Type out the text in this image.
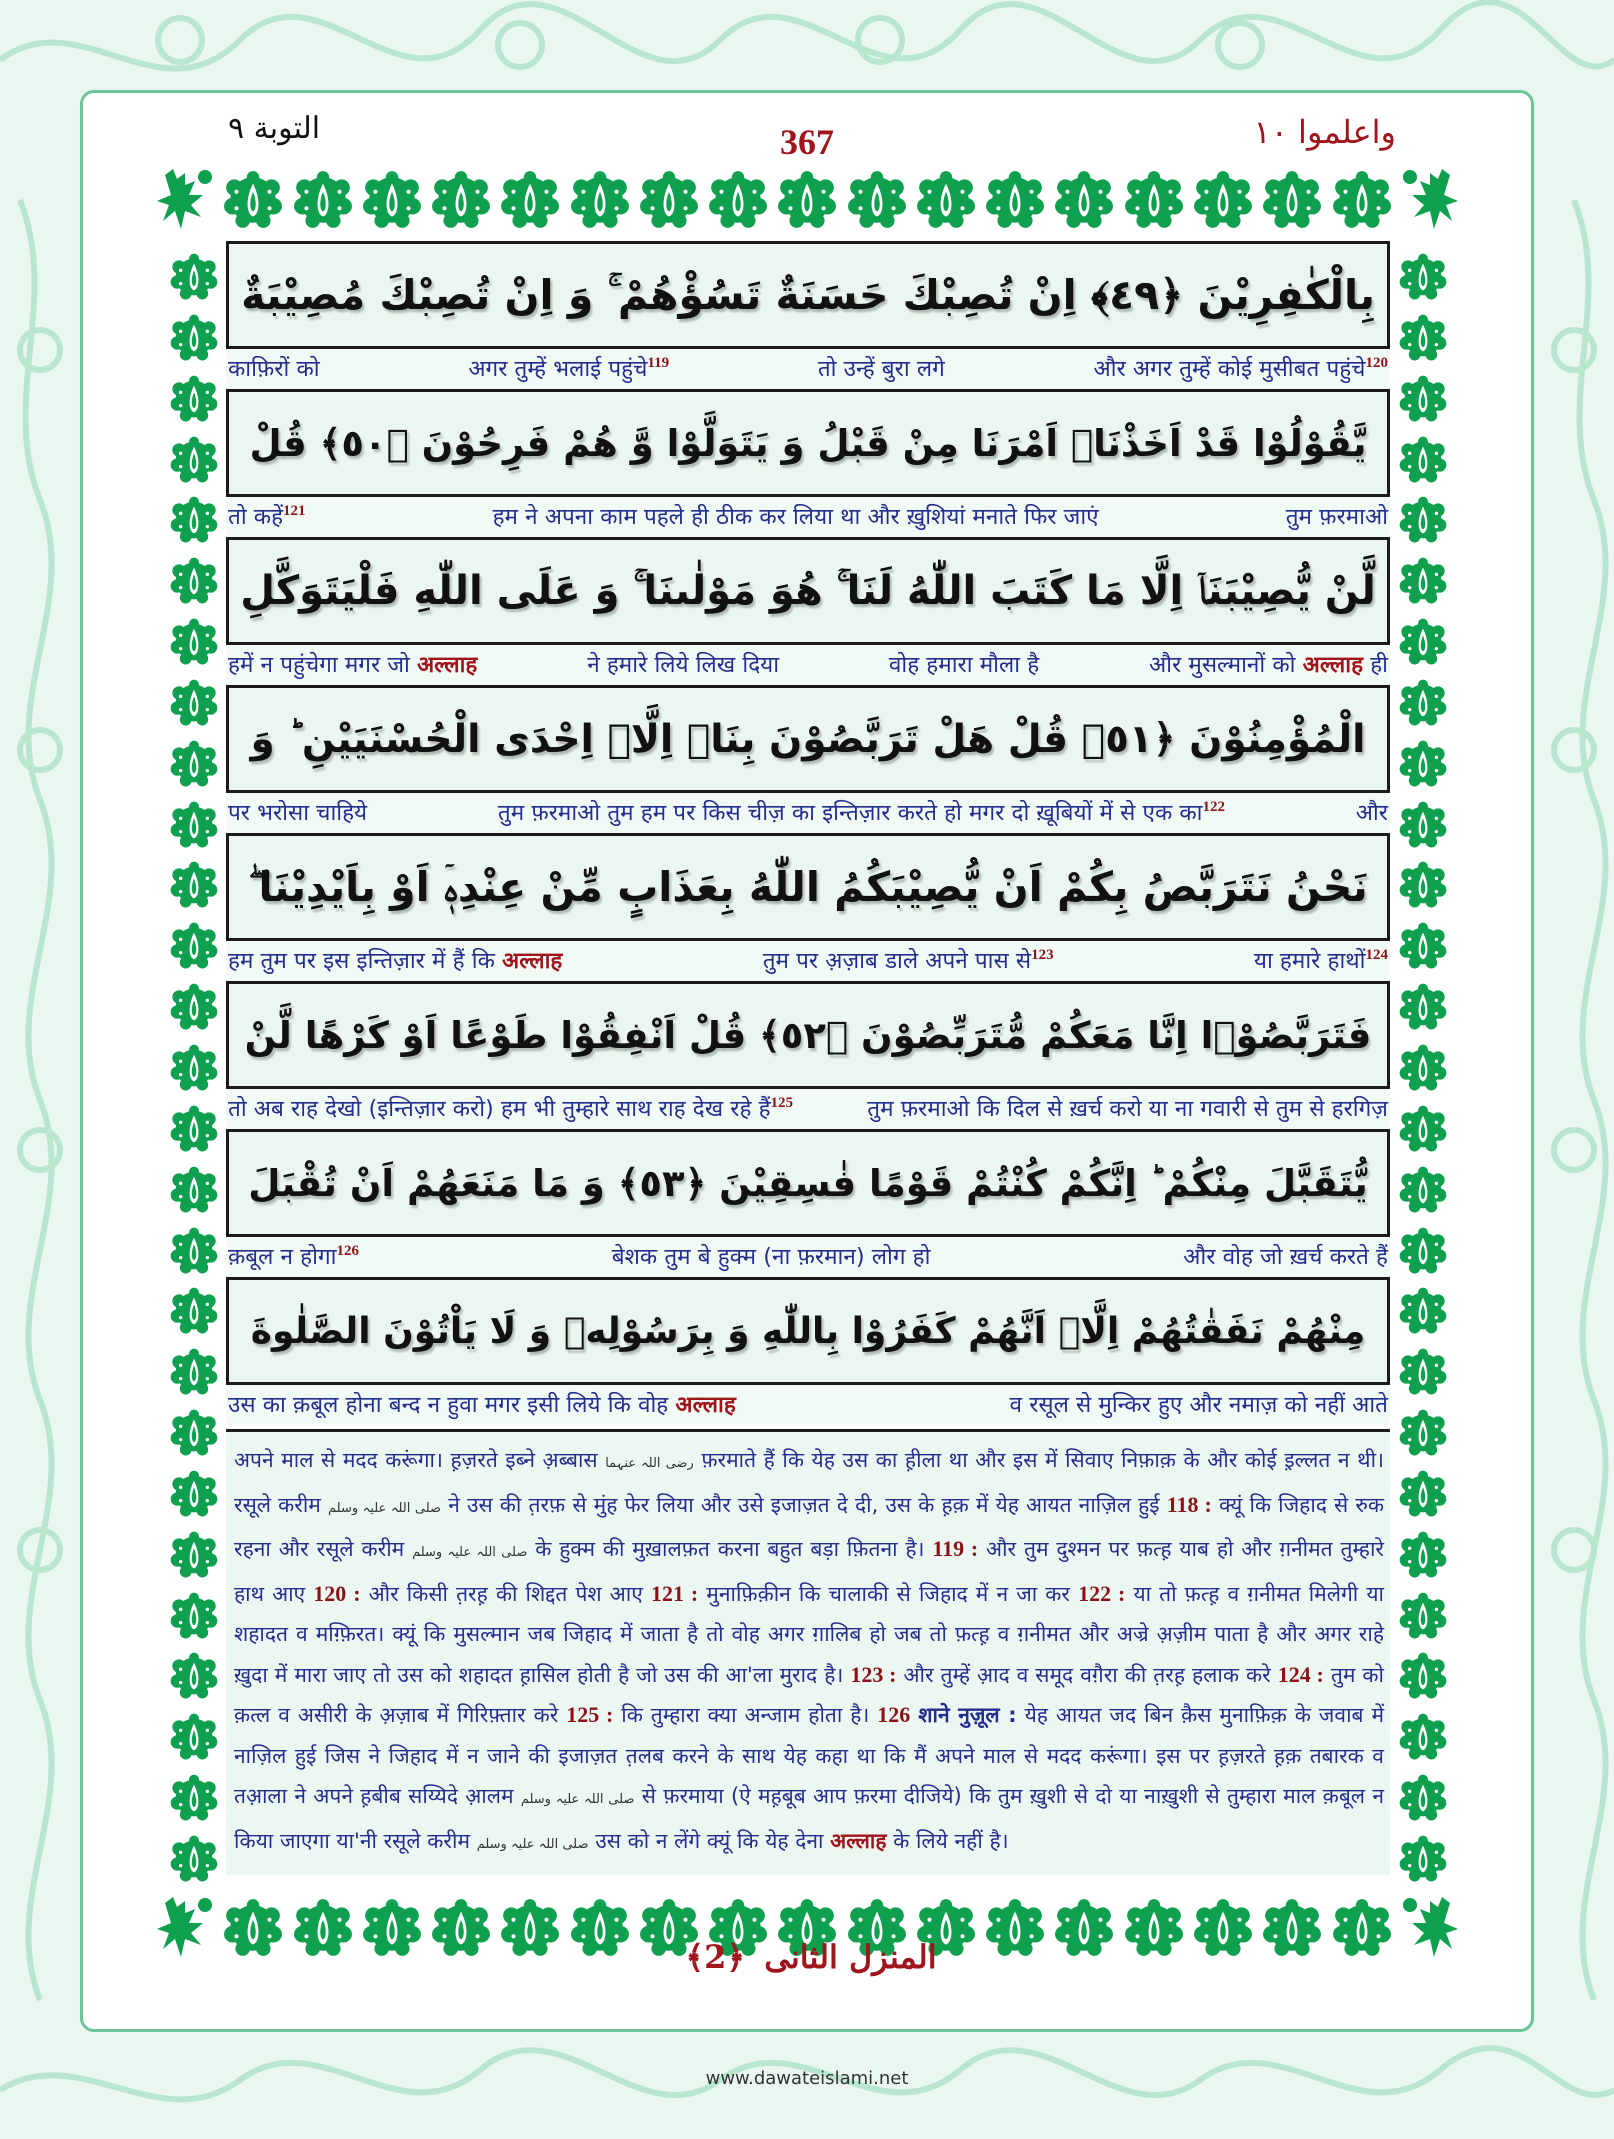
التوبة ٩	367	واعلموا ١٠
بِالْكٰفِرِيْنَ ﴿٤٩﴾ اِنْ تُصِبْكَ حَسَنَةٌ تَسُؤْهُمْ ۚ وَ اِنْ تُصِبْكَ مُصِيْبَةٌ
काफ़िरों को	अगर तुम्हें भलाई पहुंचे$^{119}$	तो उन्हें बुरा लगे	और अगर तुम्हें कोई मुसीबत पहुंचे$^{120}$
يَّقُوْلُوْا قَدْ اَخَذْنَاۤ اَمْرَنَا مِنْ قَبْلُ وَ يَتَوَلَّوْا وَّ هُمْ فَرِحُوْنَ ﴿٥٠﴾ قُلْ
तो कहें$^{121}$	हम ने अपना काम पहले ही ठीक कर लिया था और ख़ुशियां मनाते फिर जाएं	तुम फ़रमाओ
لَّنْ يُّصِيْبَنَاۤ اِلَّا مَا كَتَبَ اللّٰهُ لَنَا ۚ هُوَ مَوْلٰىنَا ۚ وَ عَلَى اللّٰهِ فَلْيَتَوَكَّلِ
हमें न पहुंचेगा मगर जो अल्लाह	ने हमारे लिये लिख दिया	वोह हमारा मौला है	और मुसल्मानों को अल्लाह ही
الْمُؤْمِنُوْنَ ﴿٥١﴾ قُلْ هَلْ تَرَبَّصُوْنَ بِنَاۤ اِلَّاۤ اِحْدَى الْحُسْنَيَيْنِ ؕ وَ
पर भरोसा चाहिये	तुम फ़रमाओ तुम हम पर किस चीज़ का इन्तिज़ार करते हो मगर दो ख़ूबियों में से एक का$^{122}$	और
نَحْنُ نَتَرَبَّصُ بِكُمْ اَنْ يُّصِيْبَكُمُ اللّٰهُ بِعَذَابٍ مِّنْ عِنْدِهٖۤ اَوْ بِاَيْدِيْنَا ۖ
हम तुम पर इस इन्तिज़ार में हैं कि अल्लाह	तुम पर अ़ज़ाब डाले अपने पास से$^{123}$	या हमारे हाथों$^{124}$
فَتَرَبَّصُوْۤا اِنَّا مَعَكُمْ مُّتَرَبِّصُوْنَ ﴿٥٢﴾ قُلْ اَنْفِقُوْا طَوْعًا اَوْ كَرْهًا لَّنْ
तो अब राह देखो (इन्तिज़ार करो) हम भी तुम्हारे साथ राह देख रहे हैं$^{125}$	तुम फ़रमाओ कि दिल से ख़र्च करो या ना गवारी से तुम से हरगिज़
يُّتَقَبَّلَ مِنْكُمْ ؕ اِنَّكُمْ كُنْتُمْ قَوْمًا فٰسِقِيْنَ ﴿٥٣﴾ وَ مَا مَنَعَهُمْ اَنْ تُقْبَلَ
क़बूल न होगा$^{126}$	बेशक तुम बे हुक्म (ना फ़रमान) लोग हो	और वोह जो ख़र्च करते हैं
مِنْهُمْ نَفَقٰتُهُمْ اِلَّاۤ اَنَّهُمْ كَفَرُوْا بِاللّٰهِ وَ بِرَسُوْلِهٖ وَ لَا يَاْتُوْنَ الصَّلٰوةَ
उस का क़बूल होना बन्द न हुवा मगर इसी लिये कि वोह अल्लाह	व रसूल से मुन्किर हुए और नमाज़ को नहीं आते
अपने माल से मदद करूंगा। ह़ज़रते इब्ने अ़ब्बास رضی اللہ عنہما फ़रमाते हैं कि येह उस का ह़ीला था और इस में सिवाए निफ़ाक़ के और कोई इ़ल्लत न थी। रसूले करीम صلی اللہ علیہ وسلم ने उस की त़रफ़ से मुंह फेर लिया और उसे इजाज़त दे दी, उस के ह़क़ में येह आयत नाज़िल हुई 118 : क्यूं कि जिहाद से रुक रहना और रसूले करीम صلی اللہ علیہ وسلم के हुक्म की मुख़ालफ़त करना बहुत बड़ा फ़ितना है। 119 : और तुम दुश्मन पर फ़त्ह़ याब हो और ग़नीमत तुम्हारे हाथ आए 120 : और किसी त़रह़ की शिद्दत पेश आए 121 : मुनाफ़िक़ीन कि चालाकी से जिहाद में न जा कर 122 : या तो फ़त्ह़ व ग़नीमत मिलेगी या शहादत व मग़्फ़िरत। क्यूं कि मुसल्मान जब जिहाद में जाता है तो वोह अगर ग़ालिब हो जब तो फ़त्ह़ व ग़नीमत और अज्रे अ़ज़ीम पाता है और अगर राहे ख़ुदा में मारा जाए तो उस को शहादत ह़ासिल होती है जो उस की आ'ला मुराद है। 123 : और तुम्हें आ़द व समूद वग़ैरा की त़रह़ हलाक करे 124 : तुम को क़त्ल व असीरी के अ़ज़ाब में गिरिफ़्तार करे 125 : कि तुम्हारा क्या अन्जाम होता है। 126 शाने नुज़ूल : येह आयत जद बिन क़ैस मुनाफ़िक़ के जवाब में नाज़िल हुई जिस ने जिहाद में न जाने की इजाज़त त़लब करने के साथ येह कहा था कि मैं अपने माल से मदद करूंगा। इस पर ह़ज़रते ह़क़ तबारक व तआ़ला ने अपने ह़बीब सय्यिदे आ़लम صلی اللہ علیہ وسلم से फ़रमाया (ऐ मह़बूब आप फ़रमा दीजिये) कि तुम ख़ुशी से दो या नाख़ुशी से तुम्हारा माल क़बूल न किया जाएगा या'नी रसूले करीम صلی اللہ علیہ وسلم उस को न लेंगे क्यूं कि येह देना अल्लाह के लिये नहीं है।
المنزل الثانی ﴿2﴾
www.dawateislami.net
